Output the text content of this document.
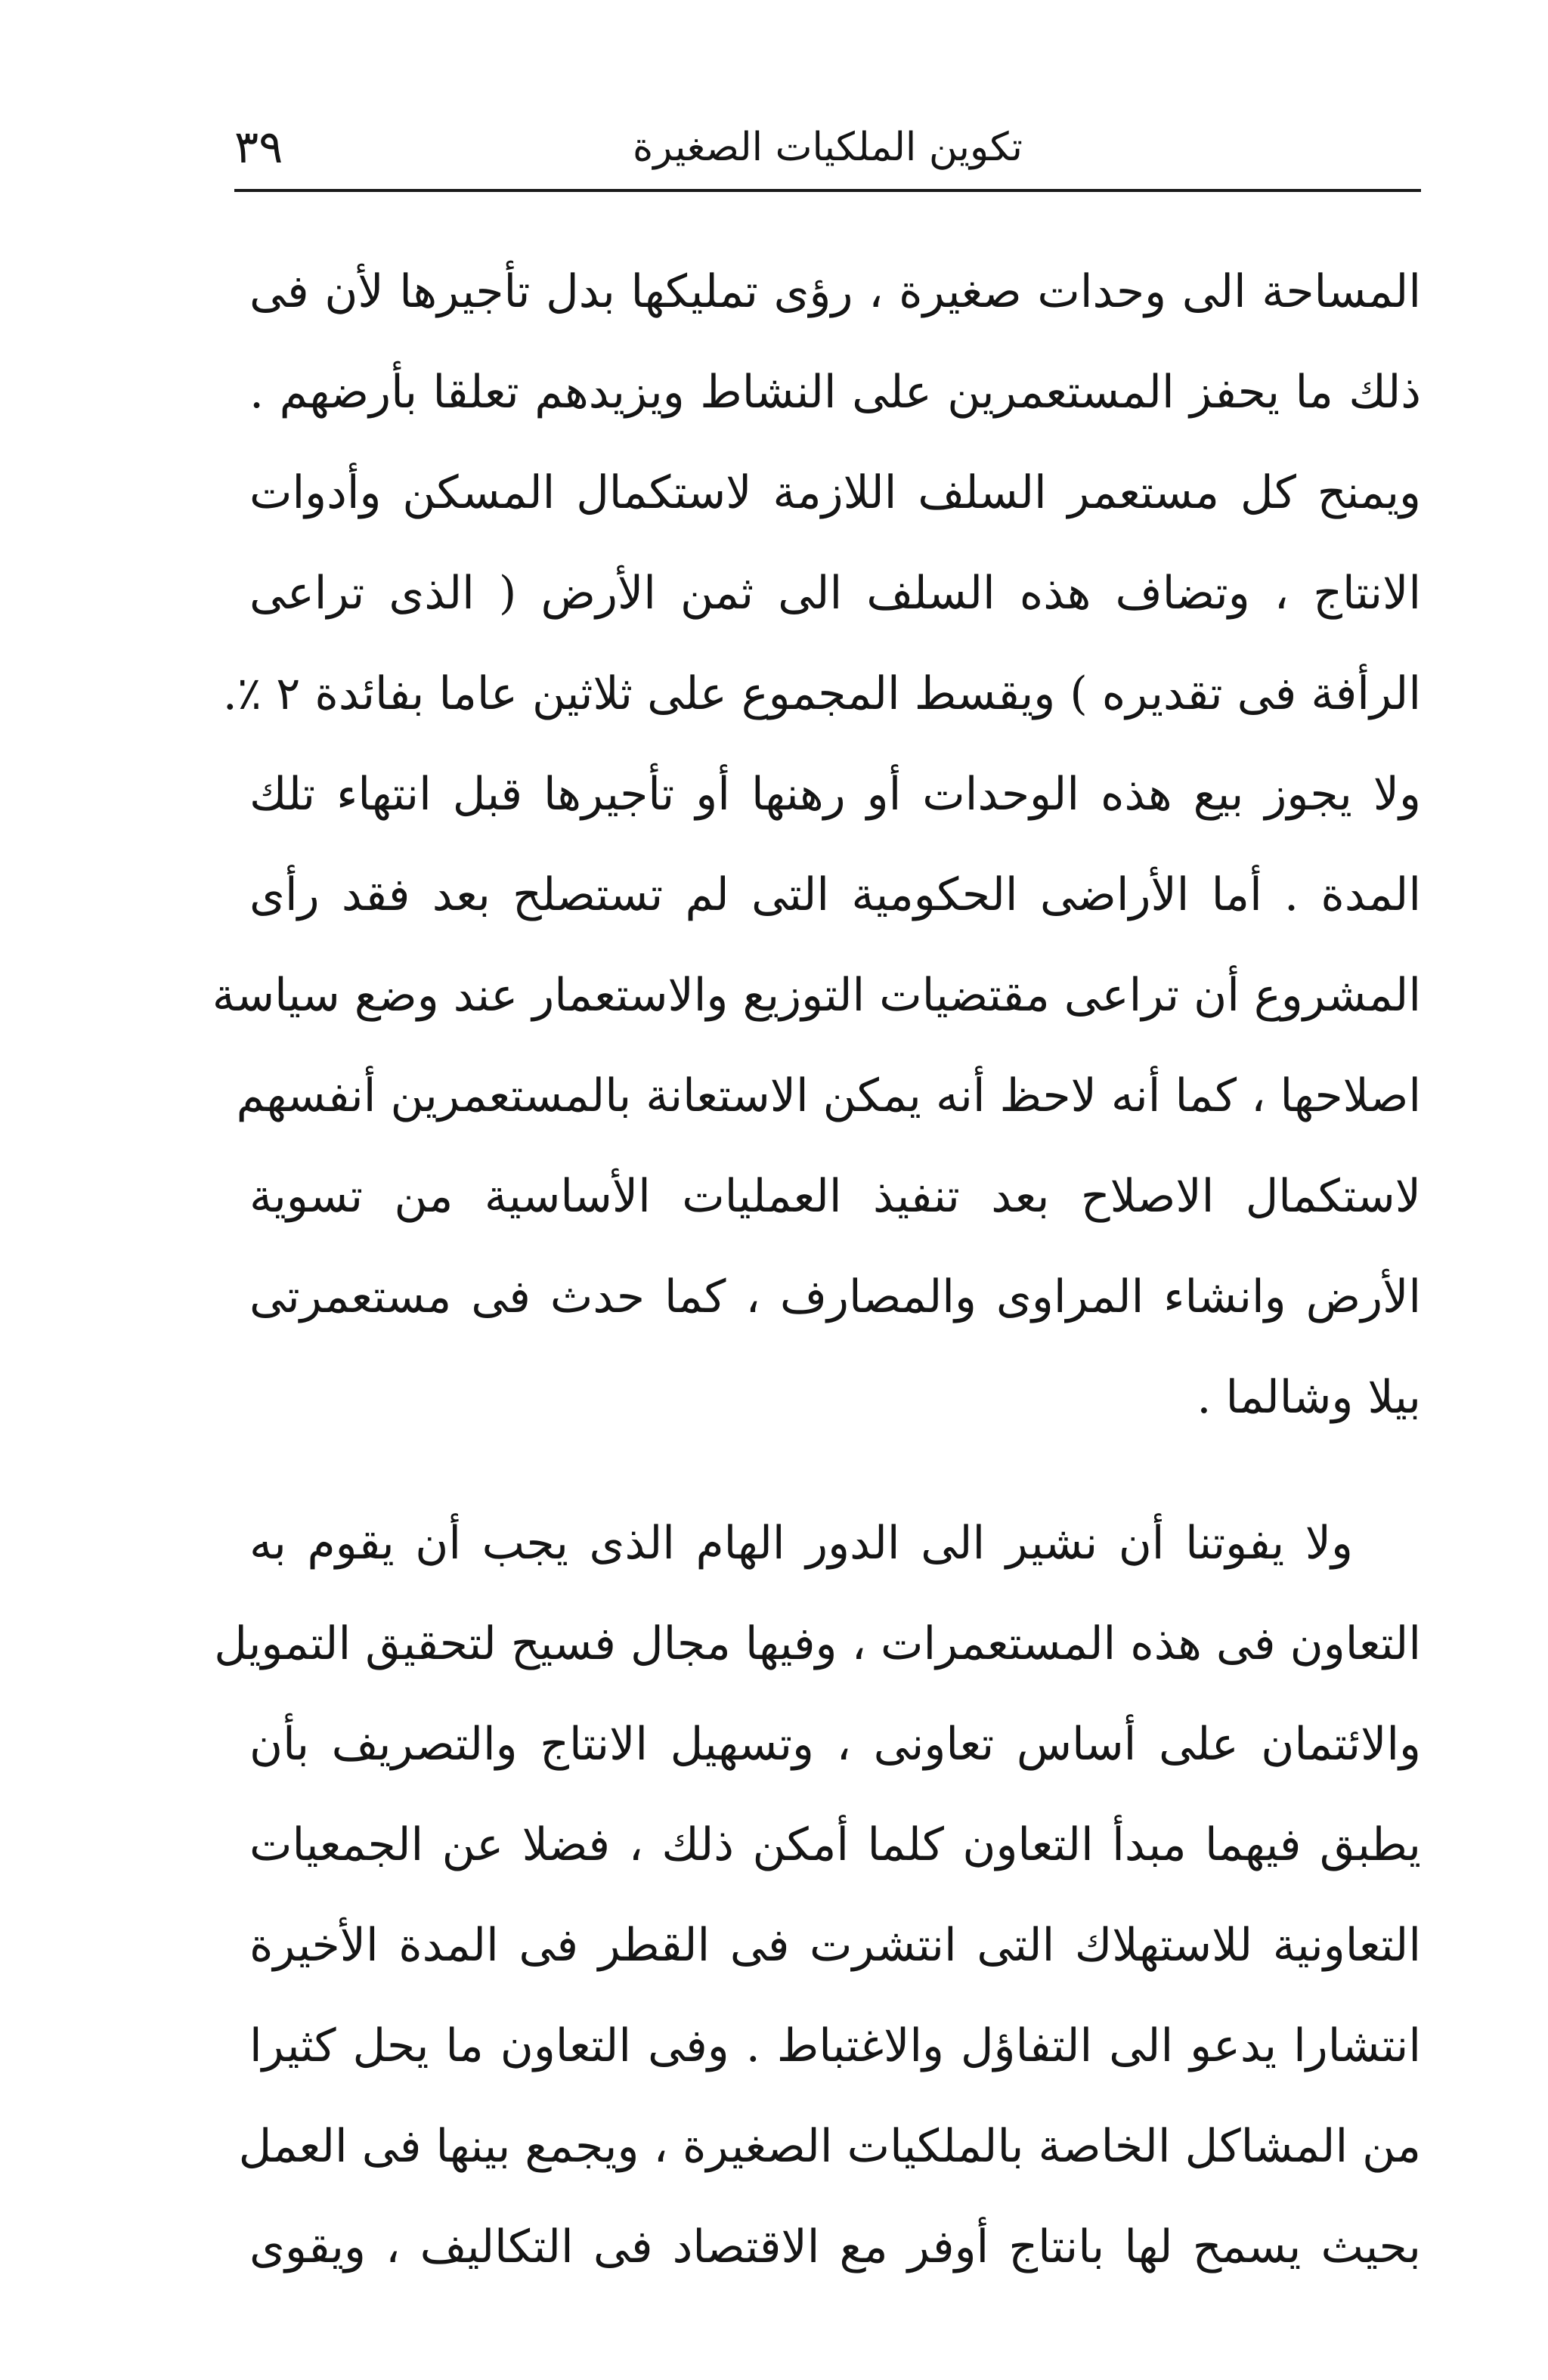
٣٩	تكوين الملكيات الصغيرة
المساحة الى وحدات صغيرة ، رؤى تمليكها بدل تأجيرها لأن فى
ذلك ما يحفز المستعمرين على النشاط ويزيدهم تعلقا بأرضهم .
ويمنح كل مستعمر السلف اللازمة لاستكمال المسكن وأدوات
الانتاج ، وتضاف هذه السلف الى ثمن الأرض ( الذى تراعى
الرأفة فى تقديره ) ويقسط المجموع على ثلاثين عاما بفائدة ٢ ٪.
ولا يجوز بيع هذه الوحدات أو رهنها أو تأجيرها قبل انتهاء تلك
المدة . أما الأراضى الحكومية التى لم تستصلح بعد فقد رأى
المشروع أن تراعى مقتضيات التوزيع والاستعمار عند وضع سياسة
اصلاحها ، كما أنه لاحظ أنه يمكن الاستعانة بالمستعمرين أنفسهم
لاستكمال الاصلاح بعد تنفيذ العمليات الأساسية من تسوية
الأرض وانشاء المراوى والمصارف ، كما حدث فى مستعمرتى
بيلا وشالما .
ولا يفوتنا أن نشير الى الدور الهام الذى يجب أن يقوم به
التعاون فى هذه المستعمرات ، وفيها مجال فسيح لتحقيق التمويل
والائتمان على أساس تعاونى ، وتسهيل الانتاج والتصريف بأن
يطبق فيهما مبدأ التعاون كلما أمكن ذلك ، فضلا عن الجمعيات
التعاونية للاستهلاك التى انتشرت فى القطر فى المدة الأخيرة
انتشارا يدعو الى التفاؤل والاغتباط . وفى التعاون ما يحل كثيرا
من المشاكل الخاصة بالملكيات الصغيرة ، ويجمع بينها فى العمل
بحيث يسمح لها بانتاج أوفر مع الاقتصاد فى التكاليف ، ويقوى
